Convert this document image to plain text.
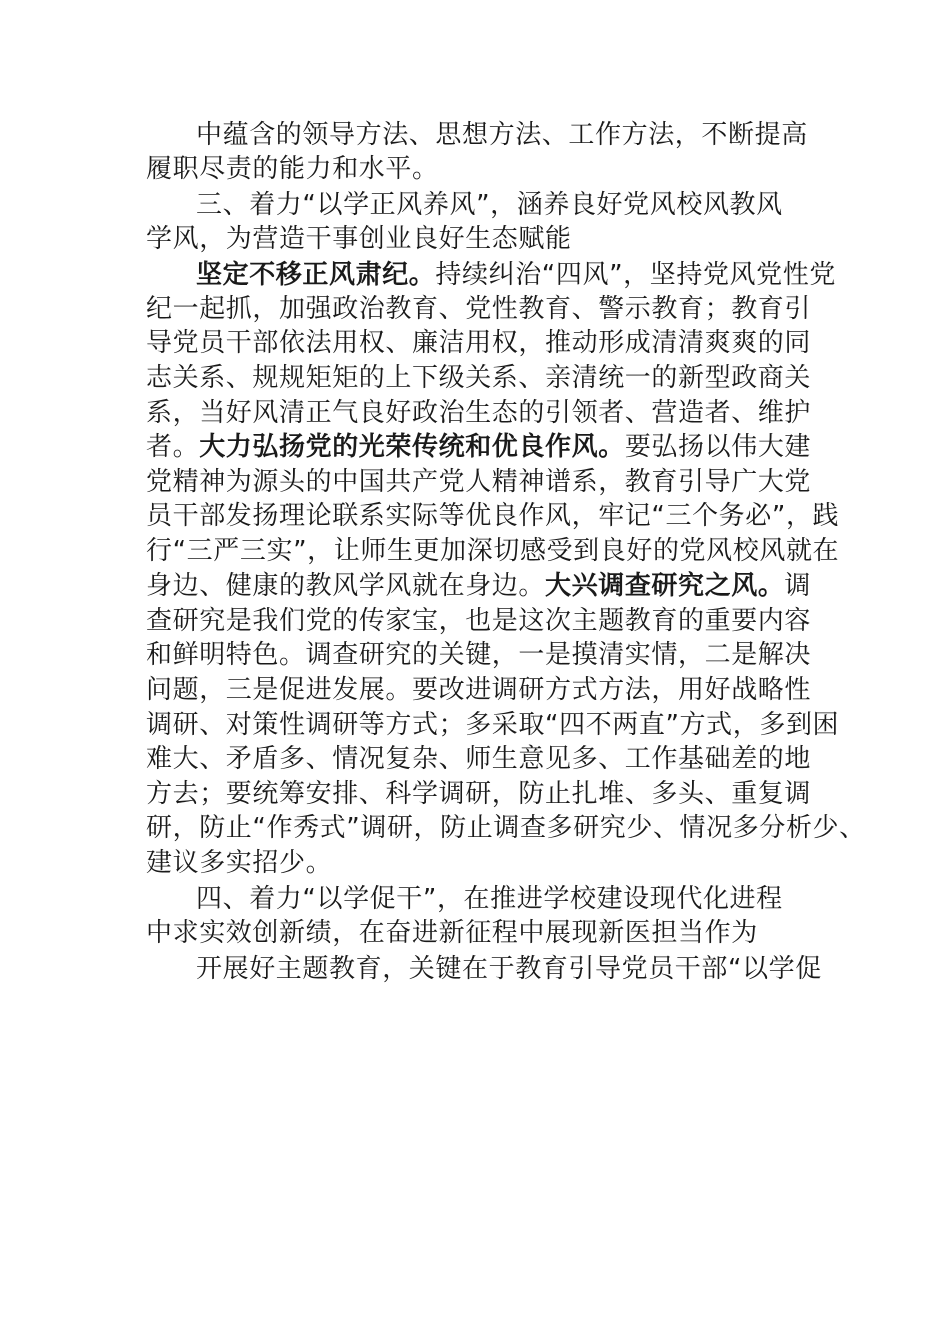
中蕴含的领导方法、思想方法、工作方法，不断提高
履职尽责的能力和水平。
三、着力“以学正风养风”，涵养良好党风校风教风
学风，为营造干事创业良好生态赋能
坚定不移正风肃纪。持续纠治“四风”，坚持党风党性党
纪一起抓，加强政治教育、党性教育、警示教育；教育引
导党员干部依法用权、廉洁用权，推动形成清清爽爽的同
志关系、规规矩矩的上下级关系、亲清统一的新型政商关
系，当好风清正气良好政治生态的引领者、营造者、维护
者。大力弘扬党的光荣传统和优良作风。要弘扬以伟大建
党精神为源头的中国共产党人精神谱系，教育引导广大党
员干部发扬理论联系实际等优良作风，牢记“三个务必”，践
行“三严三实”，让师生更加深切感受到良好的党风校风就在
身边、健康的教风学风就在身边。大兴调查研究之风。调
查研究是我们党的传家宝，也是这次主题教育的重要内容
和鲜明特色。调查研究的关键，一是摸清实情，二是解决
问题，三是促进发展。要改进调研方式方法，用好战略性
调研、对策性调研等方式；多采取“四不两直”方式，多到困
难大、矛盾多、情况复杂、师生意见多、工作基础差的地
方去；要统筹安排、科学调研，防止扎堆、多头、重复调
研，防止“作秀式”调研，防止调查多研究少、情况多分析少、
建议多实招少。
四、着力“以学促干”，在推进学校建设现代化进程
中求实效创新绩，在奋进新征程中展现新医担当作为
开展好主题教育，关键在于教育引导党员干部“以学促
